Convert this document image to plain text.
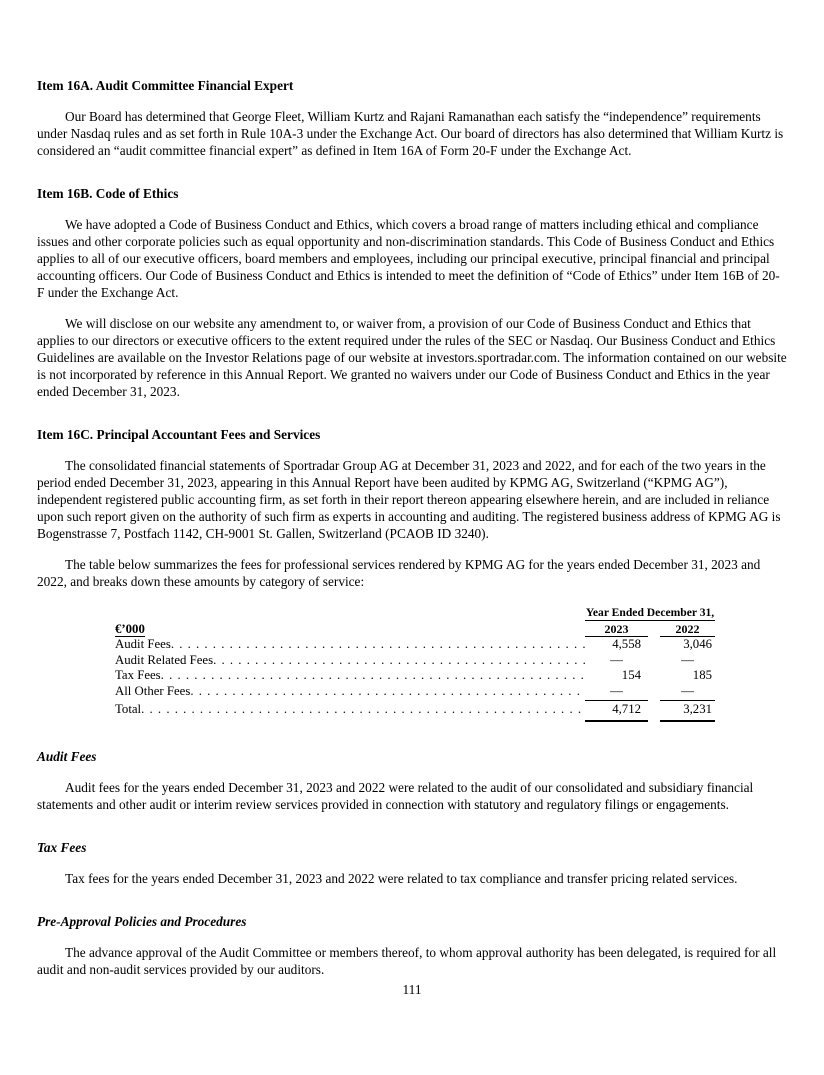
Item 16A. Audit Committee Financial Expert
Our Board has determined that George Fleet, William Kurtz and Rajani Ramanathan each satisfy the “independence” requirements under Nasdaq rules and as set forth in Rule 10A-3 under the Exchange Act. Our board of directors has also determined that William Kurtz is considered an “audit committee financial expert” as defined in Item 16A of Form 20-F under the Exchange Act.
Item 16B. Code of Ethics
We have adopted a Code of Business Conduct and Ethics, which covers a broad range of matters including ethical and compliance issues and other corporate policies such as equal opportunity and non-discrimination standards. This Code of Business Conduct and Ethics applies to all of our executive officers, board members and employees, including our principal executive, principal financial and principal accounting officers. Our Code of Business Conduct and Ethics is intended to meet the definition of “Code of Ethics” under Item 16B of 20-F under the Exchange Act.
We will disclose on our website any amendment to, or waiver from, a provision of our Code of Business Conduct and Ethics that applies to our directors or executive officers to the extent required under the rules of the SEC or Nasdaq. Our Business Conduct and Ethics Guidelines are available on the Investor Relations page of our website at investors.sportradar.com. The information contained on our website is not incorporated by reference in this Annual Report. We granted no waivers under our Code of Business Conduct and Ethics in the year ended December 31, 2023.
Item 16C. Principal Accountant Fees and Services
The consolidated financial statements of Sportradar Group AG at December 31, 2023 and 2022, and for each of the two years in the period ended December 31, 2023, appearing in this Annual Report have been audited by KPMG AG, Switzerland (“KPMG AG”), independent registered public accounting firm, as set forth in their report thereon appearing elsewhere herein, and are included in reliance upon such report given on the authority of such firm as experts in accounting and auditing. The registered business address of KPMG AG is Bogenstrasse 7, Postfach 1142, CH-9001 St. Gallen, Switzerland (PCAOB ID 3240).
The table below summarizes the fees for professional services rendered by KPMG AG for the years ended December 31, 2023 and 2022, and breaks down these amounts by category of service:
Year Ended December 31,
€’000	2023	2022
Audit Fees . . .	4,558	3,046
Audit Related Fees . . .	—	—
Tax Fees . . .	154	185
All Other Fees . . .	—	—
Total . . .	4,712	3,231
Audit Fees
Audit fees for the years ended December 31, 2023 and 2022 were related to the audit of our consolidated and subsidiary financial statements and other audit or interim review services provided in connection with statutory and regulatory filings or engagements.
Tax Fees
Tax fees for the years ended December 31, 2023 and 2022 were related to tax compliance and transfer pricing related services.
Pre-Approval Policies and Procedures
The advance approval of the Audit Committee or members thereof, to whom approval authority has been delegated, is required for all audit and non-audit services provided by our auditors.
111
